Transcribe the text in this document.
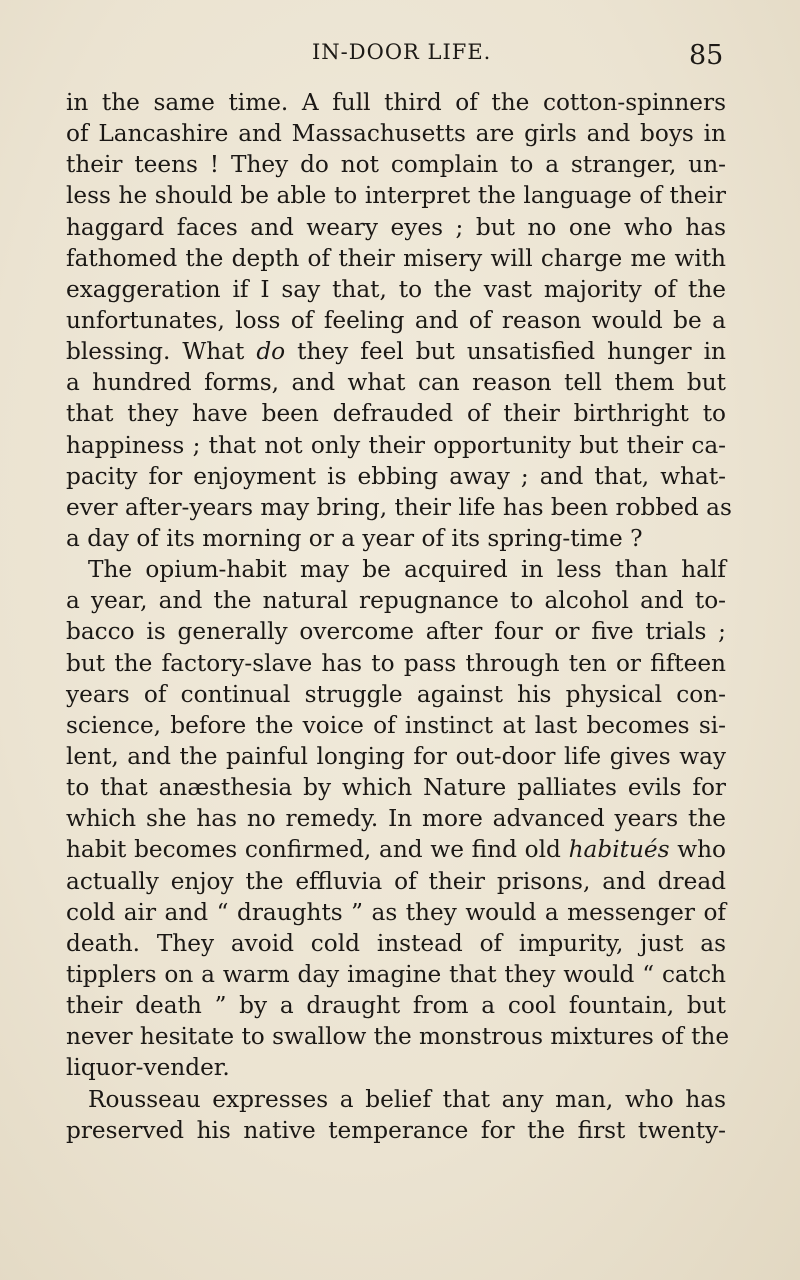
IN-DOOR LIFE.	85
in the same time. A full third of the cotton-spinners
of Lancashire and Massachusetts are girls and boys in
their teens ! They do not complain to a stranger, un-
less he should be able to interpret the language of their
haggard faces and weary eyes ; but no one who has
fathomed the depth of their misery will charge me with
exaggeration if I say that, to the vast majority of the
unfortunates, loss of feeling and of reason would be a
blessing. What do they feel but unsatisfied hunger in
a hundred forms, and what can reason tell them but
that they have been defrauded of their birthright to
happiness ; that not only their opportunity but their ca-
pacity for enjoyment is ebbing away ; and that, what-
ever after-years may bring, their life has been robbed as
a day of its morning or a year of its spring-time ?
The opium-habit may be acquired in less than half
a year, and the natural repugnance to alcohol and to-
bacco is generally overcome after four or five trials ;
but the factory-slave has to pass through ten or fifteen
years of continual struggle against his physical con-
science, before the voice of instinct at last becomes si-
lent, and the painful longing for out-door life gives way
to that anæsthesia by which Nature palliates evils for
which she has no remedy. In more advanced years the
habit becomes confirmed, and we find old habitués who
actually enjoy the effluvia of their prisons, and dread
cold air and “ draughts ” as they would a messenger of
death. They avoid cold instead of impurity, just as
tipplers on a warm day imagine that they would “ catch
their death ” by a draught from a cool fountain, but
never hesitate to swallow the monstrous mixtures of the
liquor-vender.
Rousseau expresses a belief that any man, who has
preserved his native temperance for the first twenty-
